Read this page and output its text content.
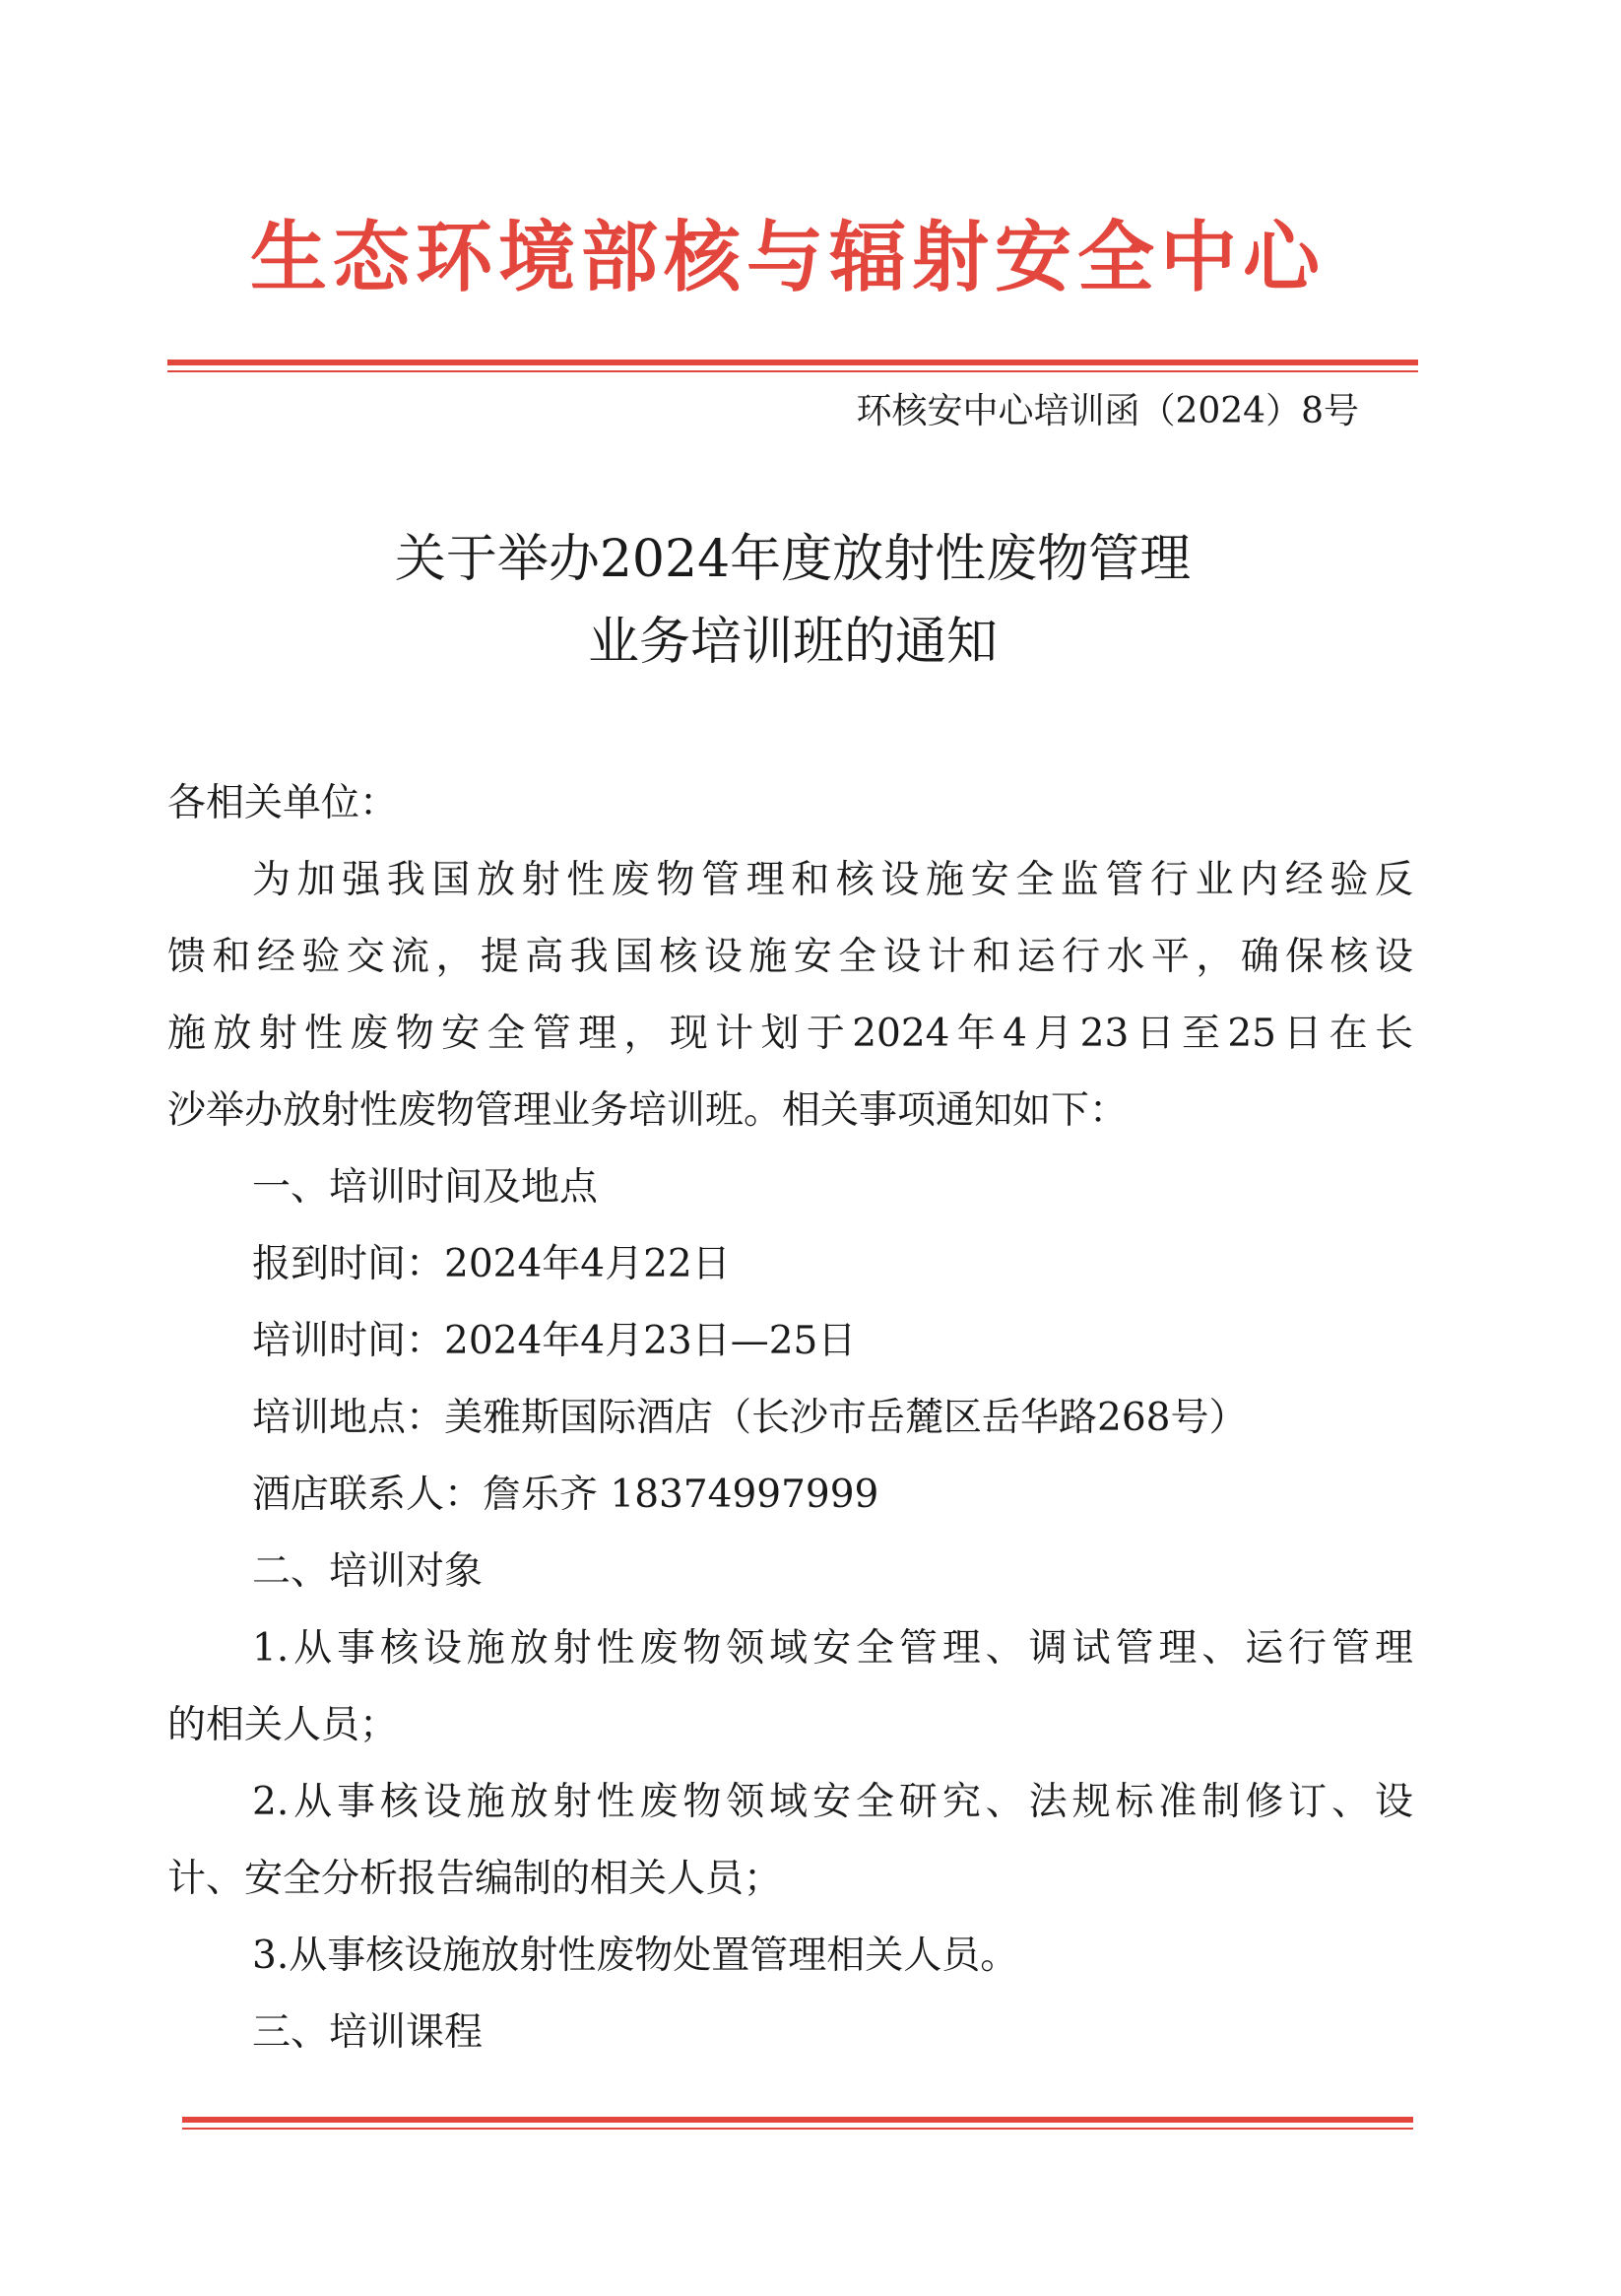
生态环境部核与辐射安全中心
环核安中心培训函（2024）8号
关于举办2024年度放射性废物管理
业务培训班的通知
各相关单位：
为加强我国放射性废物管理和核设施安全监管行业内经验反
馈和经验交流，提高我国核设施安全设计和运行水平，确保核设
施放射性废物安全管理，现计划于2024年4月23日至25日在长
沙举办放射性废物管理业务培训班。相关事项通知如下：
一、培训时间及地点
报到时间：2024年4月22日
培训时间：2024年4月23日—25日
培训地点：美雅斯国际酒店（长沙市岳麓区岳华路268号）
酒店联系人：詹乐齐 18374997999
二、培训对象
1.从事核设施放射性废物领域安全管理、调试管理、运行管理
的相关人员；
2.从事核设施放射性废物领域安全研究、法规标准制修订、设
计、安全分析报告编制的相关人员；
3.从事核设施放射性废物处置管理相关人员。
三、培训课程
